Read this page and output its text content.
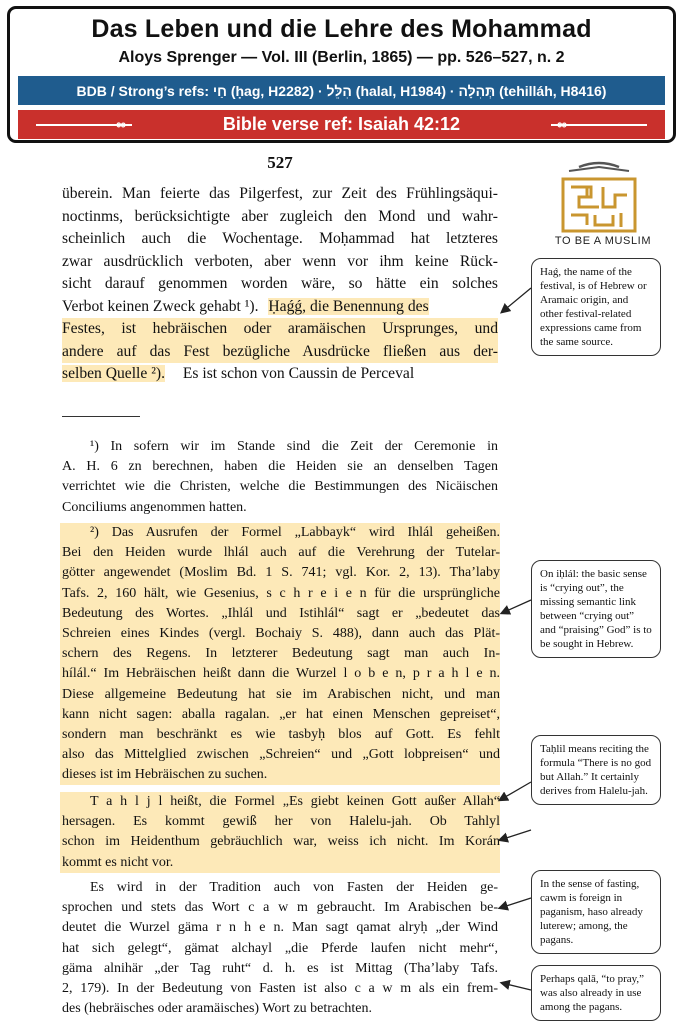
Das Leben und die Lehre des Mohammad
Aloys Sprenger — Vol. III (Berlin, 1865) — pp. 526–527, n. 2
BDB / Strong’s refs: חַי (ḥag, H2282) · הִלֵּל (halal, H1984) · תְּהִלָּה (tehilláh, H8416)
∞	Bible verse ref: Isaiah 42:12
TO BE A MUSLIM
527
überein. Man feierte das Pilgerfest, zur Zeit des Frühlingsäqui-
noctinms, berücksichtigte aber zugleich den Mond und wahr-
scheinlich auch die Wochentage. Moḥammad hat letzteres
zwar ausdrücklich verboten, aber wenn vor ihm keine Rück-
sicht darauf genommen worden wäre, so hätte ein solches
Verbot keinen Zweck gehabt ¹). Ḥaǵǵ, die Benennung des
Festes, ist hebräischen oder aramäischen Ursprunges, und
andere auf das Fest bezügliche Ausdrücke fließen aus der-
selben Quelle ²). Es ist schon von Caussin de Perceval
¹) In sofern wir im Stande sind die Zeit der Ceremonie in
A. H. 6 zn berechnen, haben die Heiden sie an denselben Tagen
verrichtet wie die Christen, welche die Bestimmungen des Nicäischen
Conciliums angenommen hatten.
²) Das Ausrufen der Formel „Labbayk“ wird Ihlál geheißen.
Bei den Heiden wurde lhlál auch auf die Verehrung der Tutelar-
götter angewendet (Moslim Bd. 1 S. 741; vgl. Kor. 2, 13). Tha’laby
Tafs. 2, 160 hält, wie Gesenius, s c h r e i e n für die ursprüngliche
Bedeutung des Wortes. „Ihlál und Istihlál“ sagt er „bedeutet das
Schreien eines Kindes (vergl. Bochaiy S. 488), dann auch das Plät-
schern des Regens. In letzterer Bedeutung sagt man auch In-
hílál.“ Im Hebräischen heißt dann die Wurzel l o b e n, p r a h l e n.
Diese allgemeine Bedeutung hat sie im Arabischen nicht, und man
kann nicht sagen: aballa ragalan. „er hat einen Menschen gepreiset“,
sondern man beschränkt es wie tasbyḥ blos auf Gott. Es fehlt
also das Mittelglied zwischen „Schreien“ und „Gott lobpreisen“ und
dieses ist im Hebräischen zu suchen.
T a h l j l heißt, die Formel „Es giebt keinen Gott außer Allah“
hersagen. Es kommt gewiß her von Halelu-jah. Ob Tahlyl
schon im Heidenthum gebräuchlich war, weiss ich nicht. Im Korán
kommt es nicht vor.
Es wird in der Tradition auch von Fasten der Heiden ge-
sprochen und stets das Wort c a w m gebraucht. Im Arabischen be-
deutet die Wurzel gäma r n h e n. Man sagt qamat alryḥ „der Wind
hat sich gelegt“, gämat alchayl „die Pferde laufen nicht mehr“,
gäma alnihär „der Tag ruht“ d. h. es ist Mittag (Tha’laby Tafs.
2, 179). In der Bedeutung von Fasten ist also c a w m als ein frem-
des (hebräisches oder aramäisches) Wort zu betrachten.
Haǵ, the name of the festival, is of Hebrew or Aramaic origin, and other festival-related expressions came from the same source.
On iḥlál: the basic sense is “crying out”, the missing semantic link between “crying out” and “praising” God” is to be sought in Hebrew.
Taḥlil means reciting the formula “There is no god but Allah.” It certainly derives from Halelu-jah.
In the sense of fasting, cawm is foreign in paganism, haso already luterew; among, the pagans.
Perhaps qalā, “to pray,” was also already in use among the pagans.
